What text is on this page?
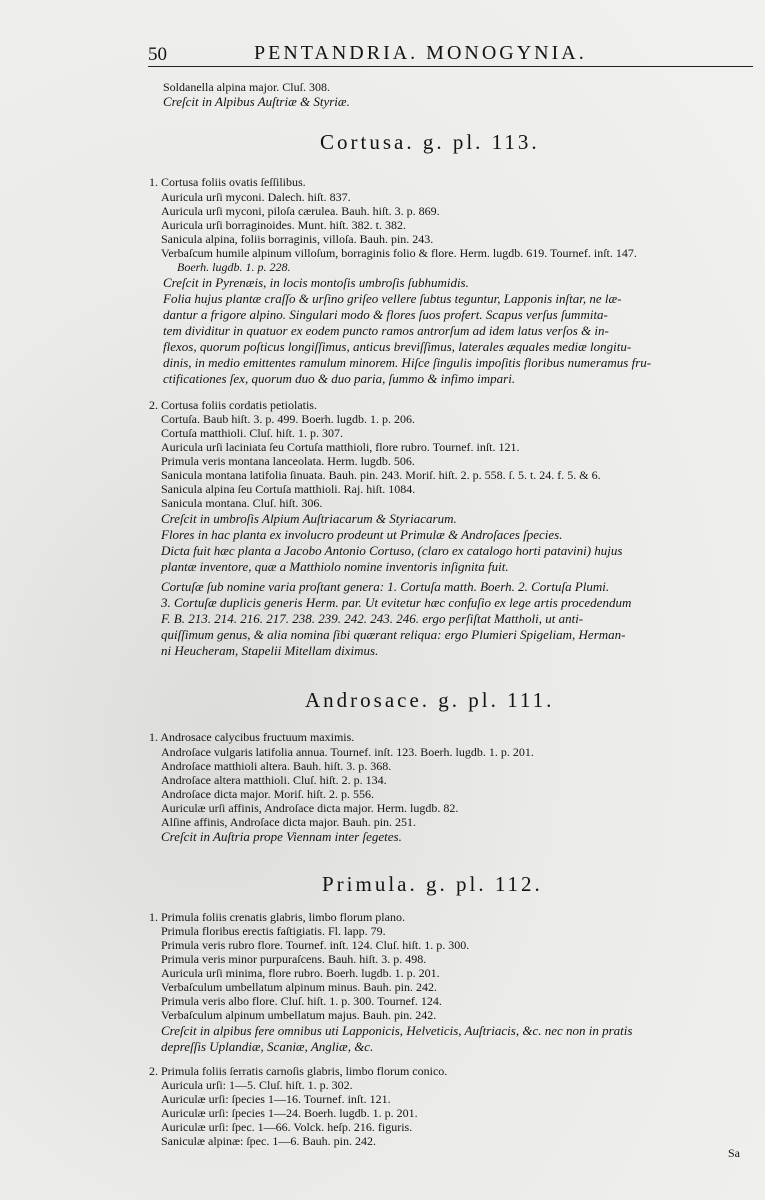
50	PENTANDRIA. MONOGYNIA.
Soldanella alpina major. Cluſ. 308.
Creſcit in Alpibus Auſtriæ & Styriæ.
Cortusa. g. pl. 113.
1. Cortusa foliis ovatis ſeſſilibus.
Auricula urſi myconi. Dalech. hiſt. 837.
Auricula urſi myconi, piloſa cærulea. Bauh. hiſt. 3. p. 869.
Auricula urſi borraginoides. Munt. hiſt. 382. t. 382.
Sanicula alpina, foliis borraginis, villoſa. Bauh. pin. 243.
Verbaſcum humile alpinum villoſum, borraginis folio & flore. Herm. lugdb. 619. Tournef. inſt. 147.
Boerh. lugdb. 1. p. 228.
Creſcit in Pyrenæis, in locis montoſis umbroſis ſubhumidis.
Folia hujus plantæ craſſo & urſino griſeo vellere ſubtus teguntur, Lapponis inſtar, ne læ-
dantur a frigore alpino. Singulari modo & flores ſuos profert. Scapus verſus ſummita-
tem dividitur in quatuor ex eodem puncto ramos antrorſum ad idem latus verſos & in-
flexos, quorum poſticus longiſſimus, anticus breviſſimus, laterales æquales mediæ longitu-
dinis, in medio emittentes ramulum minorem. Hiſce ſingulis impoſitis floribus numeramus fru-
ctificationes ſex, quorum duo & duo paria, ſummo & infimo impari.
2. Cortusa foliis cordatis petiolatis.
Cortuſa. Baub hiſt. 3. p. 499. Boerh. lugdb. 1. p. 206.
Cortuſa matthioli. Cluſ. hiſt. 1. p. 307.
Auricula urſi laciniata ſeu Cortuſa matthioli, flore rubro. Tournef. inſt. 121.
Primula veris montana lanceolata. Herm. lugdb. 506.
Sanicula montana latifolia ſinuata. Bauh. pin. 243. Moriſ. hiſt. 2. p. 558. ſ. 5. t. 24. f. 5. & 6.
Sanicula alpina ſeu Cortuſa matthioli. Raj. hiſt. 1084.
Sanicula montana. Cluſ. hiſt. 306.
Creſcit in umbroſis Alpium Auſtriacarum & Styriacarum.
Flores in hac planta ex involucro prodeunt ut Primulæ & Androſaces ſpecies.
Dicta fuit hæc planta a Jacobo Antonio Cortuso, (claro ex catalogo horti patavini) hujus
plantæ inventore, quæ a Matthiolo nomine inventoris inſignita fuit.
Cortuſæ ſub nomine varia proſtant genera: 1. Cortuſa matth. Boerh. 2. Cortuſa Plumi.
3. Cortuſæ duplicis generis Herm. par. Ut evitetur hæc confuſio ex lege artis procedendum
F. B. 213. 214. 216. 217. 238. 239. 242. 243. 246. ergo perſiſtat Mattholi, ut anti-
quiſſimum genus, & alia nomina ſibi quærant reliqua: ergo Plumieri Spigeliam, Herman-
ni Heucheram, Stapelii Mitellam diximus.
Androsace. g. pl. 111.
1. Androsace calycibus fructuum maximis.
Androſace vulgaris latifolia annua. Tournef. inſt. 123. Boerh. lugdb. 1. p. 201.
Androſace matthioli altera. Bauh. hiſt. 3. p. 368.
Androſace altera matthioli. Cluſ. hiſt. 2. p. 134.
Androſace dicta major. Moriſ. hiſt. 2. p. 556.
Auriculæ urſi affinis, Androſace dicta major. Herm. lugdb. 82.
Alſine affinis, Androſace dicta major. Bauh. pin. 251.
Creſcit in Auſtria prope Viennam inter ſegetes.
Primula. g. pl. 112.
1. Primula foliis crenatis glabris, limbo florum plano.
Primula floribus erectis faſtigiatis. Fl. lapp. 79.
Primula veris rubro flore. Tournef. inſt. 124. Cluſ. hiſt. 1. p. 300.
Primula veris minor purpuraſcens. Bauh. hiſt. 3. p. 498.
Auricula urſi minima, flore rubro. Boerh. lugdb. 1. p. 201.
Verbaſculum umbellatum alpinum minus. Bauh. pin. 242.
Primula veris albo flore. Cluſ. hiſt. 1. p. 300. Tournef. 124.
Verbaſculum alpinum umbellatum majus. Bauh. pin. 242.
Creſcit in alpibus fere omnibus uti Lapponicis, Helveticis, Auſtriacis, &c. nec non in pratis
depreſſis Uplandiæ, Scaniæ, Angliæ, &c.
2. Primula foliis ſerratis carnoſis glabris, limbo florum conico.
Auricula urſi: 1—5. Cluſ. hiſt. 1. p. 302.
Auriculæ urſi: ſpecies 1—16. Tournef. inſt. 121.
Auriculæ urſi: ſpecies 1—24. Boerh. lugdb. 1. p. 201.
Auriculæ urſi: ſpec. 1—66. Volck. heſp. 216. figuris.
Saniculæ alpinæ: ſpec. 1—6. Bauh. pin. 242.
Sa
